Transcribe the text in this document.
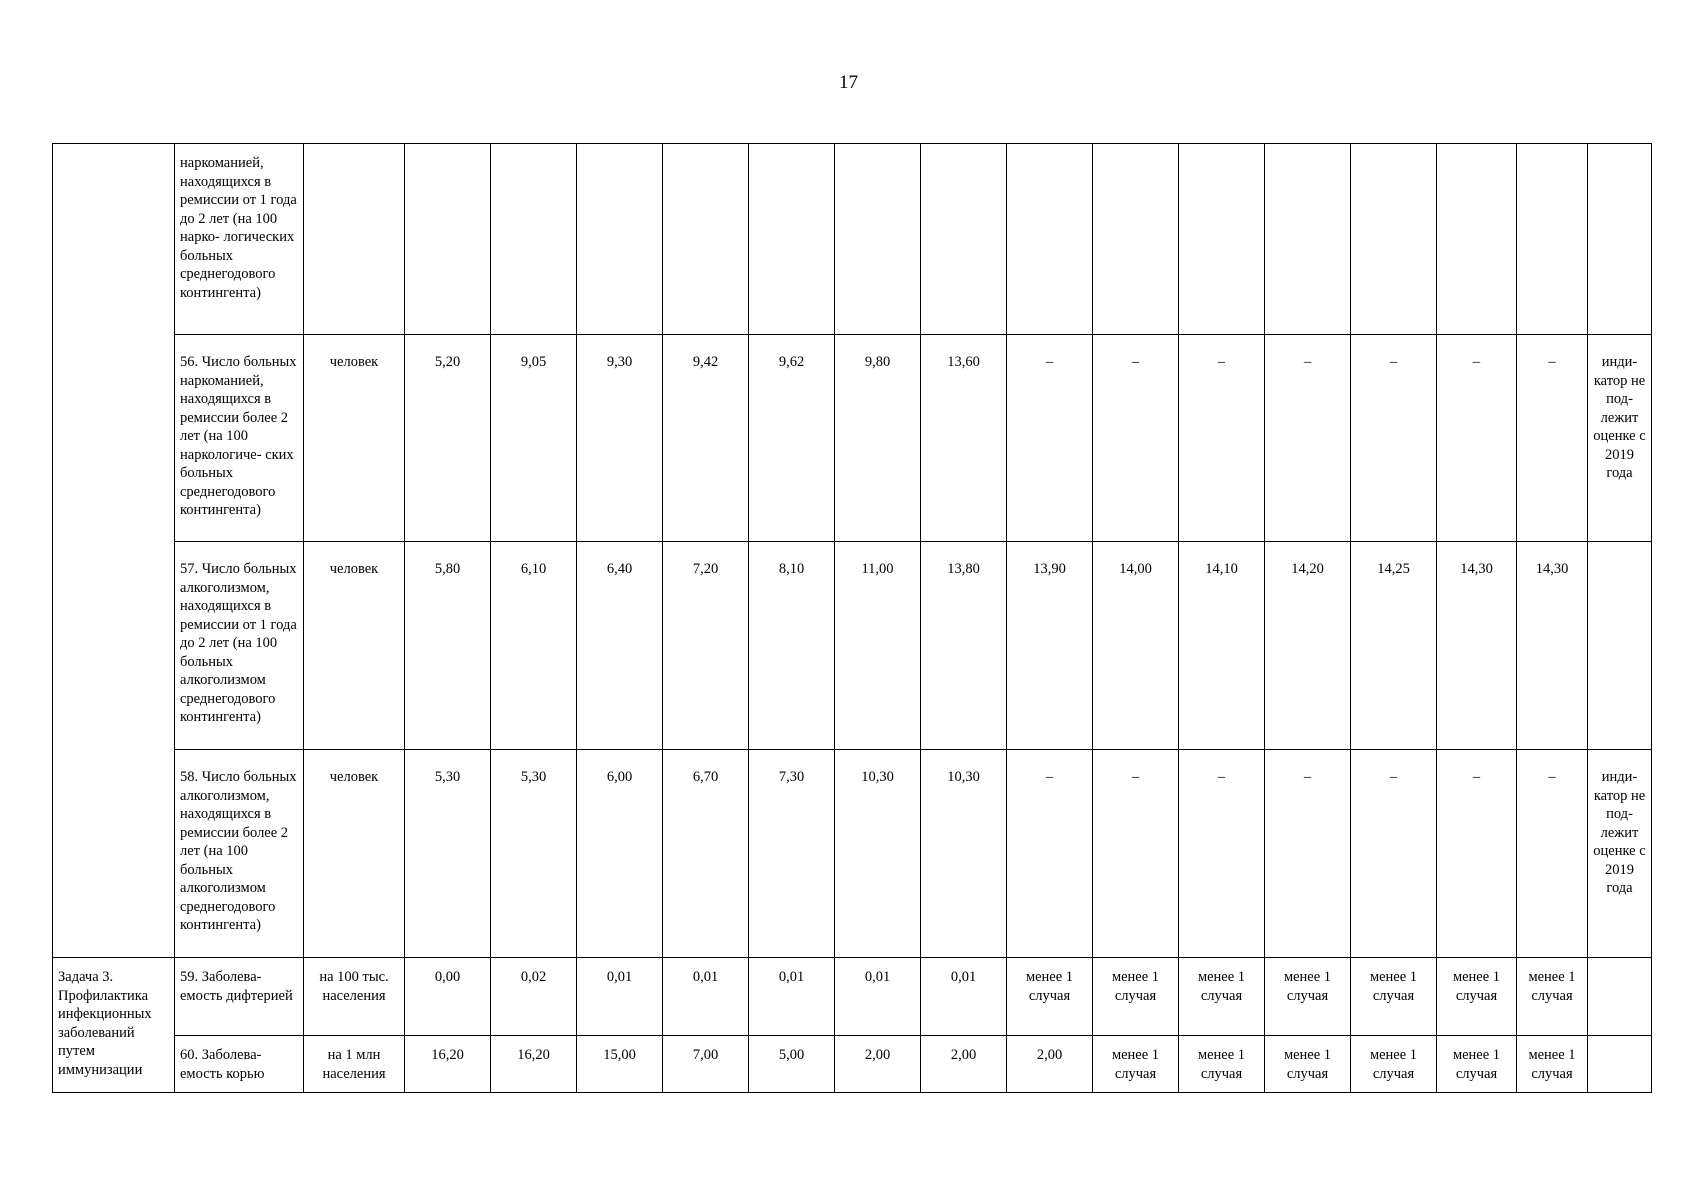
17
	наркоманией, находящихся в ремиссии от 1 года до 2 лет (на 100 нарко- логических больных среднегодового контингента)																
	56. Число больных наркоманией, находящихся в ремиссии более 2 лет (на 100 наркологиче- ских больных среднегодового контингента)	человек	5,20	9,05	9,30	9,42	9,62	9,80	13,60	–	–	–	–	–	–	–	инди- катор не под- лежит оценке с 2019 года
	57. Число больных алкоголизмом, находящихся в ремиссии от 1 года до 2 лет (на 100 больных алкоголизмом среднегодового контингента)	человек	5,80	6,10	6,40	7,20	8,10	11,00	13,80	13,90	14,00	14,10	14,20	14,25	14,30	14,30	
	58. Число больных алкоголизмом, находящихся в ремиссии более 2 лет (на 100 больных алкоголизмом среднегодового контингента)	человек	5,30	5,30	6,00	6,70	7,30	10,30	10,30	–	–	–	–	–	–	–	инди- катор не под- лежит оценке с 2019 года
Задача 3. Профилактика инфекционных заболеваний путем иммунизации	59. Заболева- емость дифтерией	на 100 тыс. населения	0,00	0,02	0,01	0,01	0,01	0,01	0,01	менее 1 случая	менее 1 случая	менее 1 случая	менее 1 случая	менее 1 случая	менее 1 случая	менее 1 случая	
	60. Заболева- емость корью	на 1 млн населения	16,20	16,20	15,00	7,00	5,00	2,00	2,00	2,00	менее 1 случая	менее 1 случая	менее 1 случая	менее 1 случая	менее 1 случая	менее 1 случая	
